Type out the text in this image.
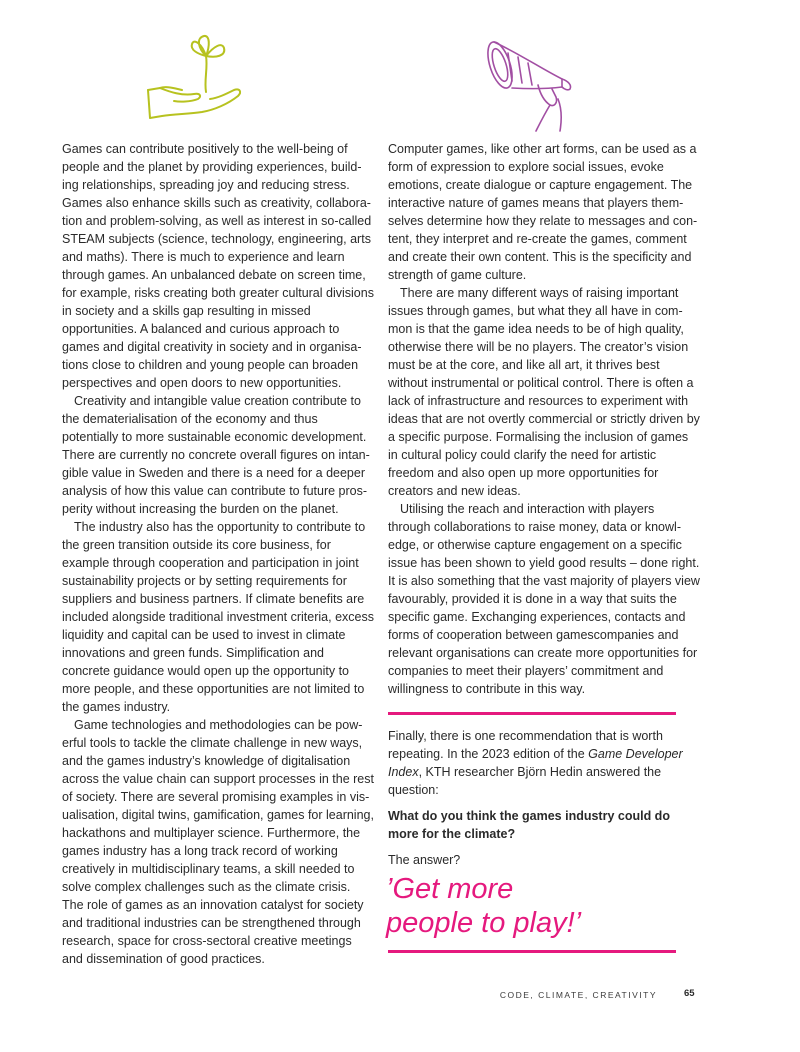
Games can contribute positively to the well-being of people and the planet by providing experiences, building relationships, spreading joy and reducing stress. Games also enhance skills such as creativity, collaboration and problem-solving, as well as interest in so-called STEAM subjects (science, technology, engineering, arts and maths). There is much to experience and learn through games. An unbalanced debate on screen time, for example, risks creating both greater cultural divisions in society and a skills gap resulting in missed opportunities. A balanced and curious approach to games and digital creativity in society and in organisations close to children and young people can broaden perspectives and open doors to new opportunities.

Creativity and intangible value creation contribute to the dematerialisation of the economy and thus potentially to more sustainable economic development. There are currently no concrete overall figures on intangible value in Sweden and there is a need for a deeper analysis of how this value can contribute to future prosperity without increasing the burden on the planet.

The industry also has the opportunity to contribute to the green transition outside its core business, for example through cooperation and participation in joint sustainability projects or by setting requirements for suppliers and business partners. If climate benefits are included alongside traditional investment criteria, excess liquidity and capital can be used to invest in climate innovations and green funds. Simplification and concrete guidance would open up the opportunity to more people, and these opportunities are not limited to the games industry.

Game technologies and methodologies can be powerful tools to tackle the climate challenge in new ways, and the games industry’s knowledge of digitalisation across the value chain can support processes in the rest of society. There are several promising examples in visualisation, digital twins, gamification, games for learning, hackathons and multiplayer science. Furthermore, the games industry has a long track record of working creatively in multidisciplinary teams, a skill needed to solve complex challenges such as the climate crisis. The role of games as an innovation catalyst for society and traditional industries can be strengthened through research, space for cross-sectoral creative meetings and dissemination of good practices.

Computer games, like other art forms, can be used as a form of expression to explore social issues, evoke emotions, create dialogue or capture engagement. The interactive nature of games means that players themselves determine how they relate to messages and content, they interpret and re-create the games, comment and create their own content. This is the specificity and strength of game culture.

There are many different ways of raising important issues through games, but what they all have in common is that the game idea needs to be of high quality, otherwise there will be no players. The creator’s vision must be at the core, and like all art, it thrives best without instrumental or political control. There is often a lack of infrastructure and resources to experiment with ideas that are not overtly commercial or strictly driven by a specific purpose. Formalising the inclusion of games in cultural policy could clarify the need for artistic freedom and also open up more opportunities for creators and new ideas.

Utilising the reach and interaction with players through collaborations to raise money, data or knowledge, or otherwise capture engagement on a specific issue has been shown to yield good results – done right. It is also something that the vast majority of players view favourably, provided it is done in a way that suits the specific game. Exchanging experiences, contacts and forms of cooperation between gamescompanies and relevant organisations can create more opportunities for companies to meet their players’ commitment and willingness to contribute in this way.

Finally, there is one recommendation that is worth repeating. In the 2023 edition of the Game Developer Index, KTH researcher Björn Hedin answered the question:

What do you think the games industry could do more for the climate?

The answer?

’Get more
people to play!’
CODE, CLIMATE, CREATIVITY	65
